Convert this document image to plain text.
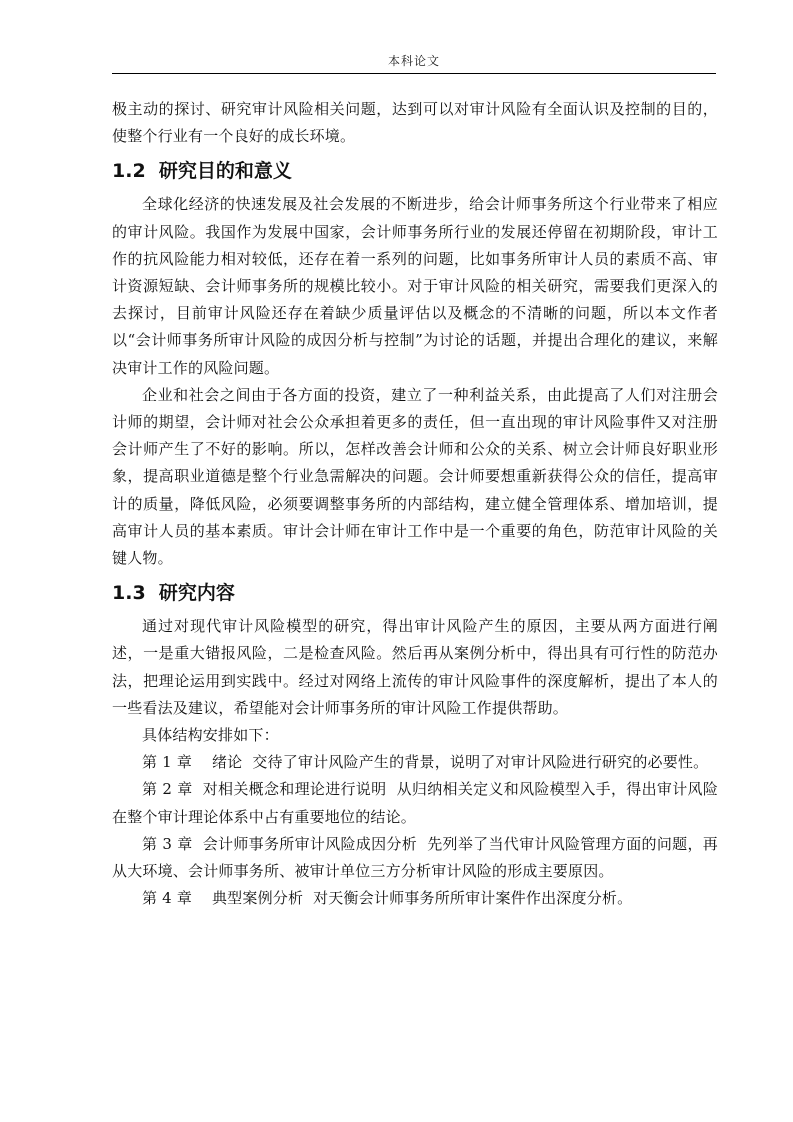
本科论文

极主动的探讨、研究审计风险相关问题，达到可以对审计风险有全面认识及控制的目的，使整个行业有一个良好的成长环境。

1.2 研究目的和意义

全球化经济的快速发展及社会发展的不断进步，给会计师事务所这个行业带来了相应的审计风险。我国作为发展中国家，会计师事务所行业的发展还停留在初期阶段，审计工作的抗风险能力相对较低，还存在着一系列的问题，比如事务所审计人员的素质不高、审计资源短缺、会计师事务所的规模比较小。对于审计风险的相关研究，需要我们更深入的去探讨，目前审计风险还存在着缺少质量评估以及概念的不清晰的问题，所以本文作者以“会计师事务所审计风险的成因分析与控制”为讨论的话题，并提出合理化的建议，来解决审计工作的风险问题。

企业和社会之间由于各方面的投资，建立了一种利益关系，由此提高了人们对注册会计师的期望，会计师对社会公众承担着更多的责任，但一直出现的审计风险事件又对注册会计师产生了不好的影响。所以，怎样改善会计师和公众的关系、树立会计师良好职业形象，提高职业道德是整个行业急需解决的问题。会计师要想重新获得公众的信任，提高审计的质量，降低风险，必须要调整事务所的内部结构，建立健全管理体系、增加培训，提高审计人员的基本素质。审计会计师在审计工作中是一个重要的角色，防范审计风险的关键人物。

1.3 研究内容

通过对现代审计风险模型的研究，得出审计风险产生的原因，主要从两方面进行阐述，一是重大错报风险，二是检查风险。然后再从案例分析中，得出具有可行性的防范办法，把理论运用到实践中。经过对网络上流传的审计风险事件的深度解析，提出了本人的一些看法及建议，希望能对会计师事务所的审计风险工作提供帮助。

具体结构安排如下：

第 1 章 绪论 交待了审计风险产生的背景，说明了对审计风险进行研究的必要性。

第 2 章 对相关概念和理论进行说明 从归纳相关定义和风险模型入手，得出审计风险在整个审计理论体系中占有重要地位的结论。

第 3 章 会计师事务所审计风险成因分析 先列举了当代审计风险管理方面的问题，再从大环境、会计师事务所、被审计单位三方分析审计风险的形成主要原因。

第 4 章 典型案例分析 对天衡会计师事务所所审计案件作出深度分析。
